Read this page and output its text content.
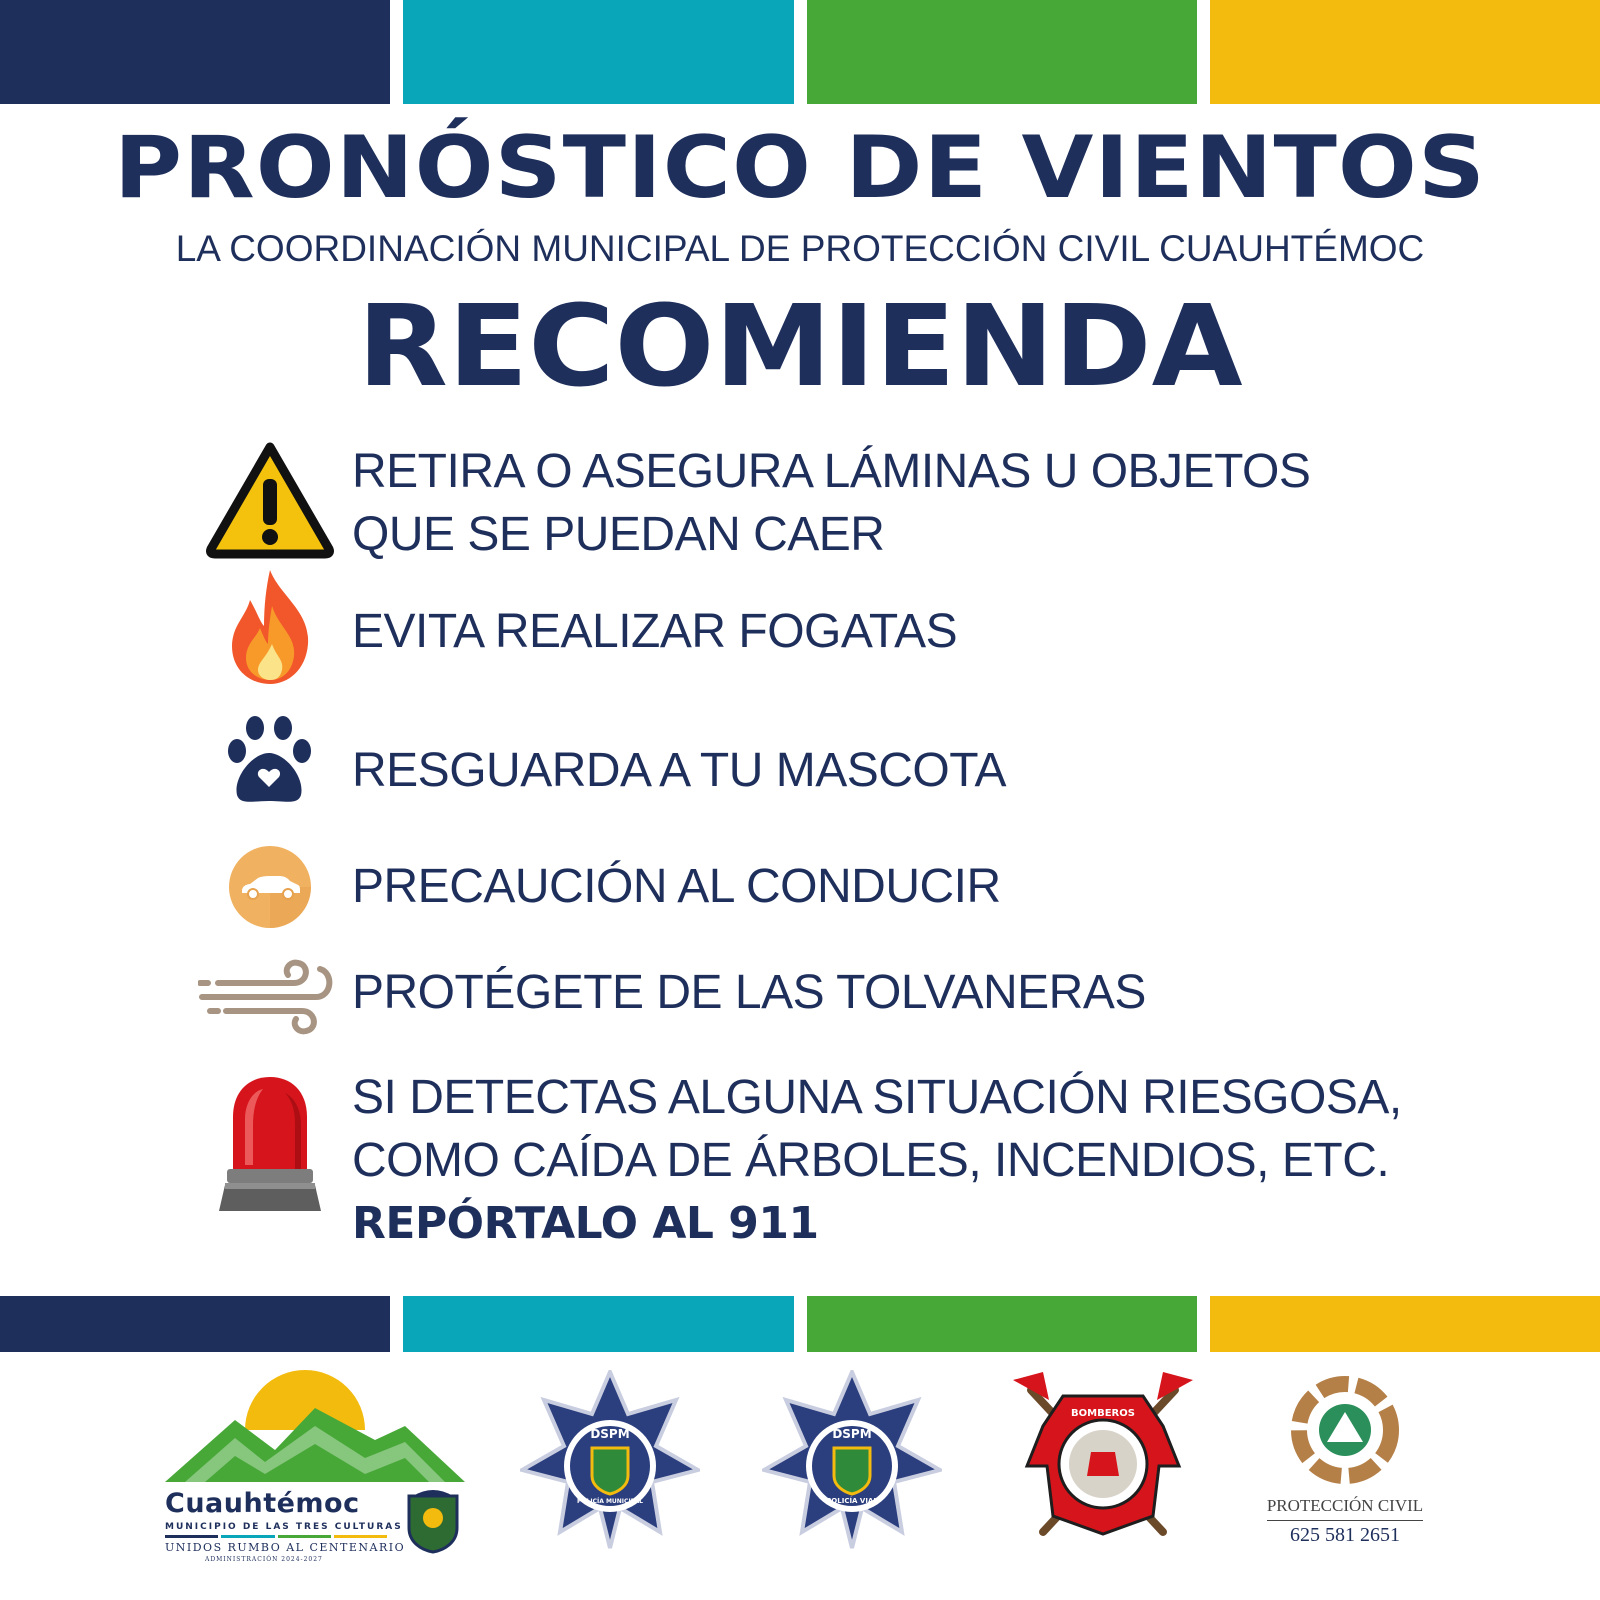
PRONÓSTICO DE VIENTOS
LA COORDINACIÓN MUNICIPAL DE PROTECCIÓN CIVIL CUAUHTÉMOC
RECOMIENDA
RETIRA O ASEGURA LÁMINAS U OBJETOS
QUE SE PUEDAN CAER
EVITA REALIZAR FOGATAS
RESGUARDA A TU MASCOTA
PRECAUCIÓN AL CONDUCIR
PROTÉGETE DE LAS TOLVANERAS
SI DETECTAS ALGUNA SITUACIÓN RIESGOSA,
COMO CAÍDA DE ÁRBOLES, INCENDIOS, ETC.
REPÓRTALO AL 911
Cuauhtémoc
MUNICIPIO DE LAS TRES CULTURAS
UNIDOS RUMBO AL CENTENARIO
ADMINISTRACIÓN 2024-2027
DSPM
POLICÍA MUNICIPAL
DSPM
POLICÍA VIAL
BOMBEROS
PROTECCIÓN CIVIL
625 581 2651
